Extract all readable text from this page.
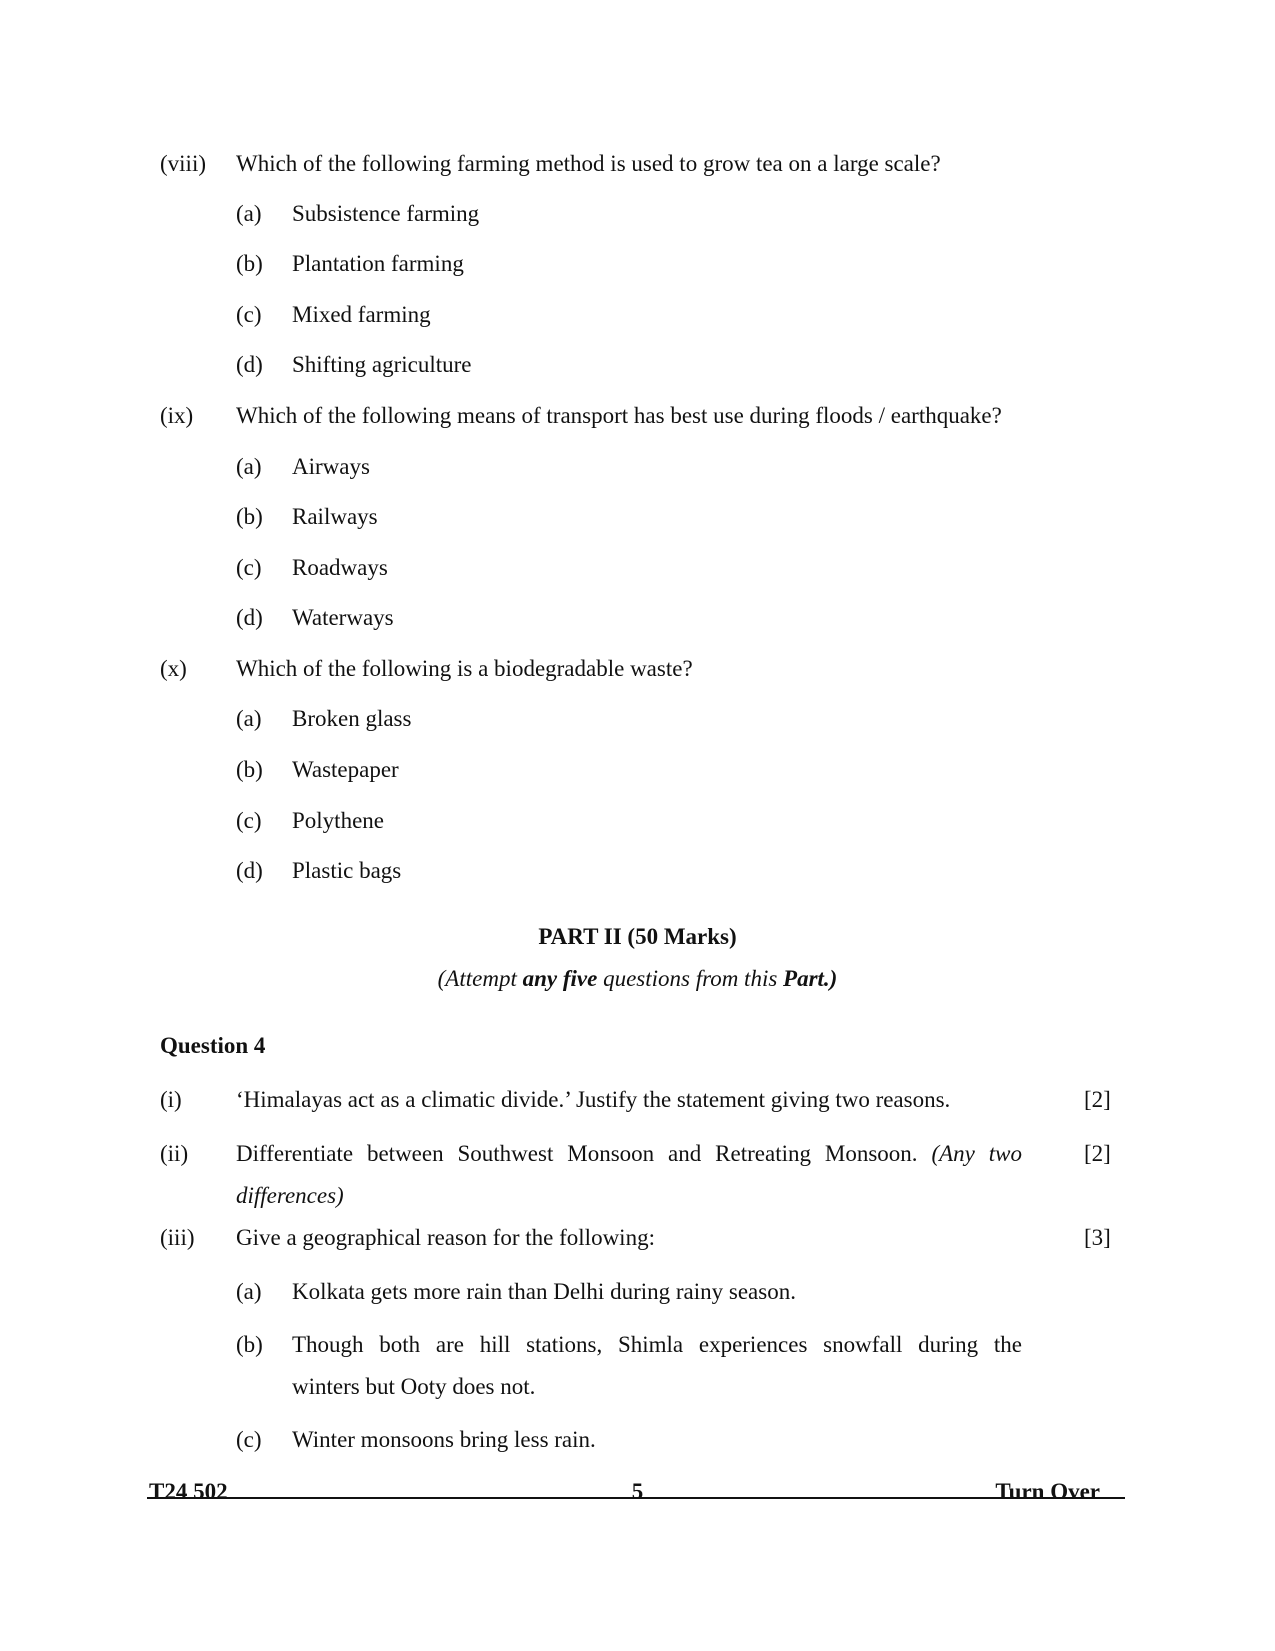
(viii) Which of the following farming method is used to grow tea on a large scale?
(a) Subsistence farming
(b) Plantation farming
(c) Mixed farming
(d) Shifting agriculture
(ix) Which of the following means of transport has best use during floods / earthquake?
(a) Airways
(b) Railways
(c) Roadways
(d) Waterways
(x) Which of the following is a biodegradable waste?
(a) Broken glass
(b) Wastepaper
(c) Polythene
(d) Plastic bags
PART II (50 Marks)
(Attempt any five questions from this Part.)
Question 4
(i) ‘Himalayas act as a climatic divide.’ Justify the statement giving two reasons.	[2]
(ii) Differentiate between Southwest Monsoon and Retreating Monsoon. (Any two	[2]
differences)
(iii) Give a geographical reason for the following:	[3]
(a) Kolkata gets more rain than Delhi during rainy season.
(b) Though both are hill stations, Shimla experiences snowfall during the
winters but Ooty does not.
(c) Winter monsoons bring less rain.
T24 502	5	Turn Over
